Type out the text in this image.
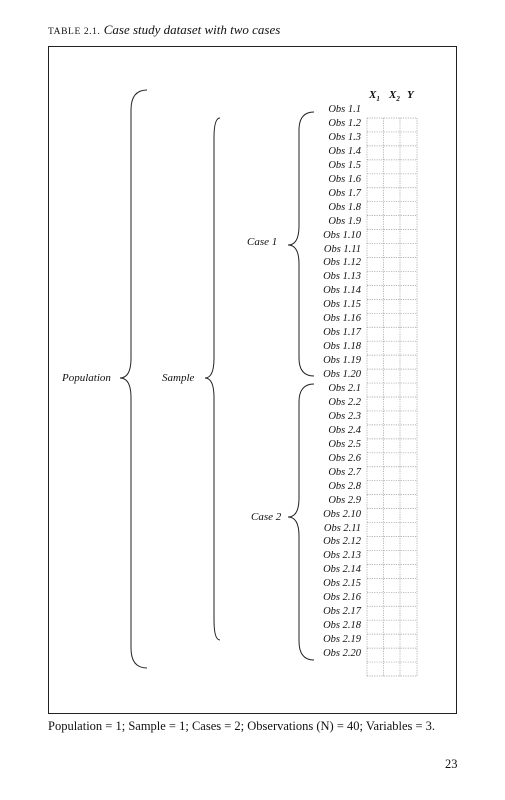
TABLE 2.1. Case study dataset with two cases
Population	Sample
Case 1
Case 2
$X_1$ $X_2$ Y
Obs 1.1
Obs 1.2
Obs 1.3
Obs 1.4
Obs 1.5
Obs 1.6
Obs 1.7
Obs 1.8
Obs 1.9
Obs 1.10
Obs 1.11
Obs 1.12
Obs 1.13
Obs 1.14
Obs 1.15
Obs 1.16
Obs 1.17
Obs 1.18
Obs 1.19
Obs 1.20
Obs 2.1
Obs 2.2
Obs 2.3
Obs 2.4
Obs 2.5
Obs 2.6
Obs 2.7
Obs 2.8
Obs 2.9
Obs 2.10
Obs 2.11
Obs 2.12
Obs 2.13
Obs 2.14
Obs 2.15
Obs 2.16
Obs 2.17
Obs 2.18
Obs 2.19
Obs 2.20
Population = 1; Sample = 1; Cases = 2; Observations (N) = 40; Variables = 3.
23
